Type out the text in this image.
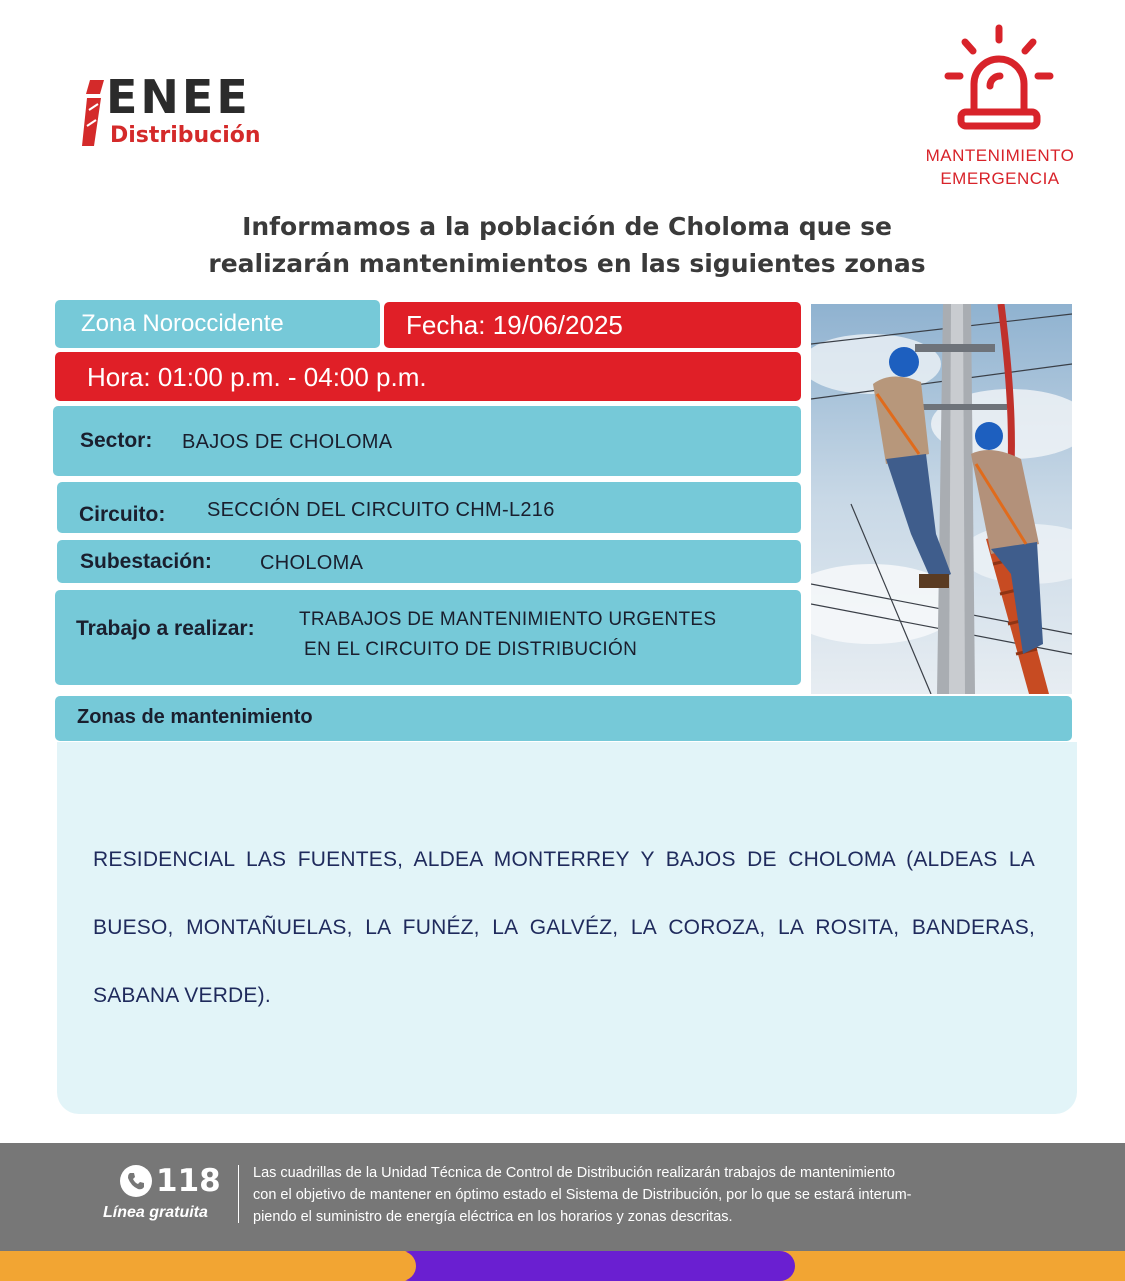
ENEE
Distribución
MANTENIMIENTO
EMERGENCIA
Informamos a la población de Choloma que se
realizarán mantenimientos en las siguientes zonas
Zona Noroccidente	Fecha: 19/06/2025
Hora: 01:00 p.m. - 04:00 p.m.
Sector: BAJOS DE CHOLOMA
Circuito: SECCIÓN DEL CIRCUITO CHM-L216
Subestación: CHOLOMA
Trabajo a realizar: TRABAJOS DE MANTENIMIENTO URGENTES
EN EL CIRCUITO DE DISTRIBUCIÓN
Zonas de mantenimiento
RESIDENCIAL LAS FUENTES, ALDEA MONTERREY Y BAJOS DE CHOLOMA (ALDEAS LA BUESO, MONTAÑUELAS, LA FUNÉZ, LA GALVÉZ, LA COROZA, LA ROSITA, BANDERAS, SABANA VERDE).
118
Línea gratuita
Las cuadrillas de la Unidad Técnica de Control de Distribución realizarán trabajos de mantenimiento
con el objetivo de mantener en óptimo estado el Sistema de Distribución, por lo que se estará interum-
piendo el suministro de energía eléctrica en los horarios y zonas descritas.
